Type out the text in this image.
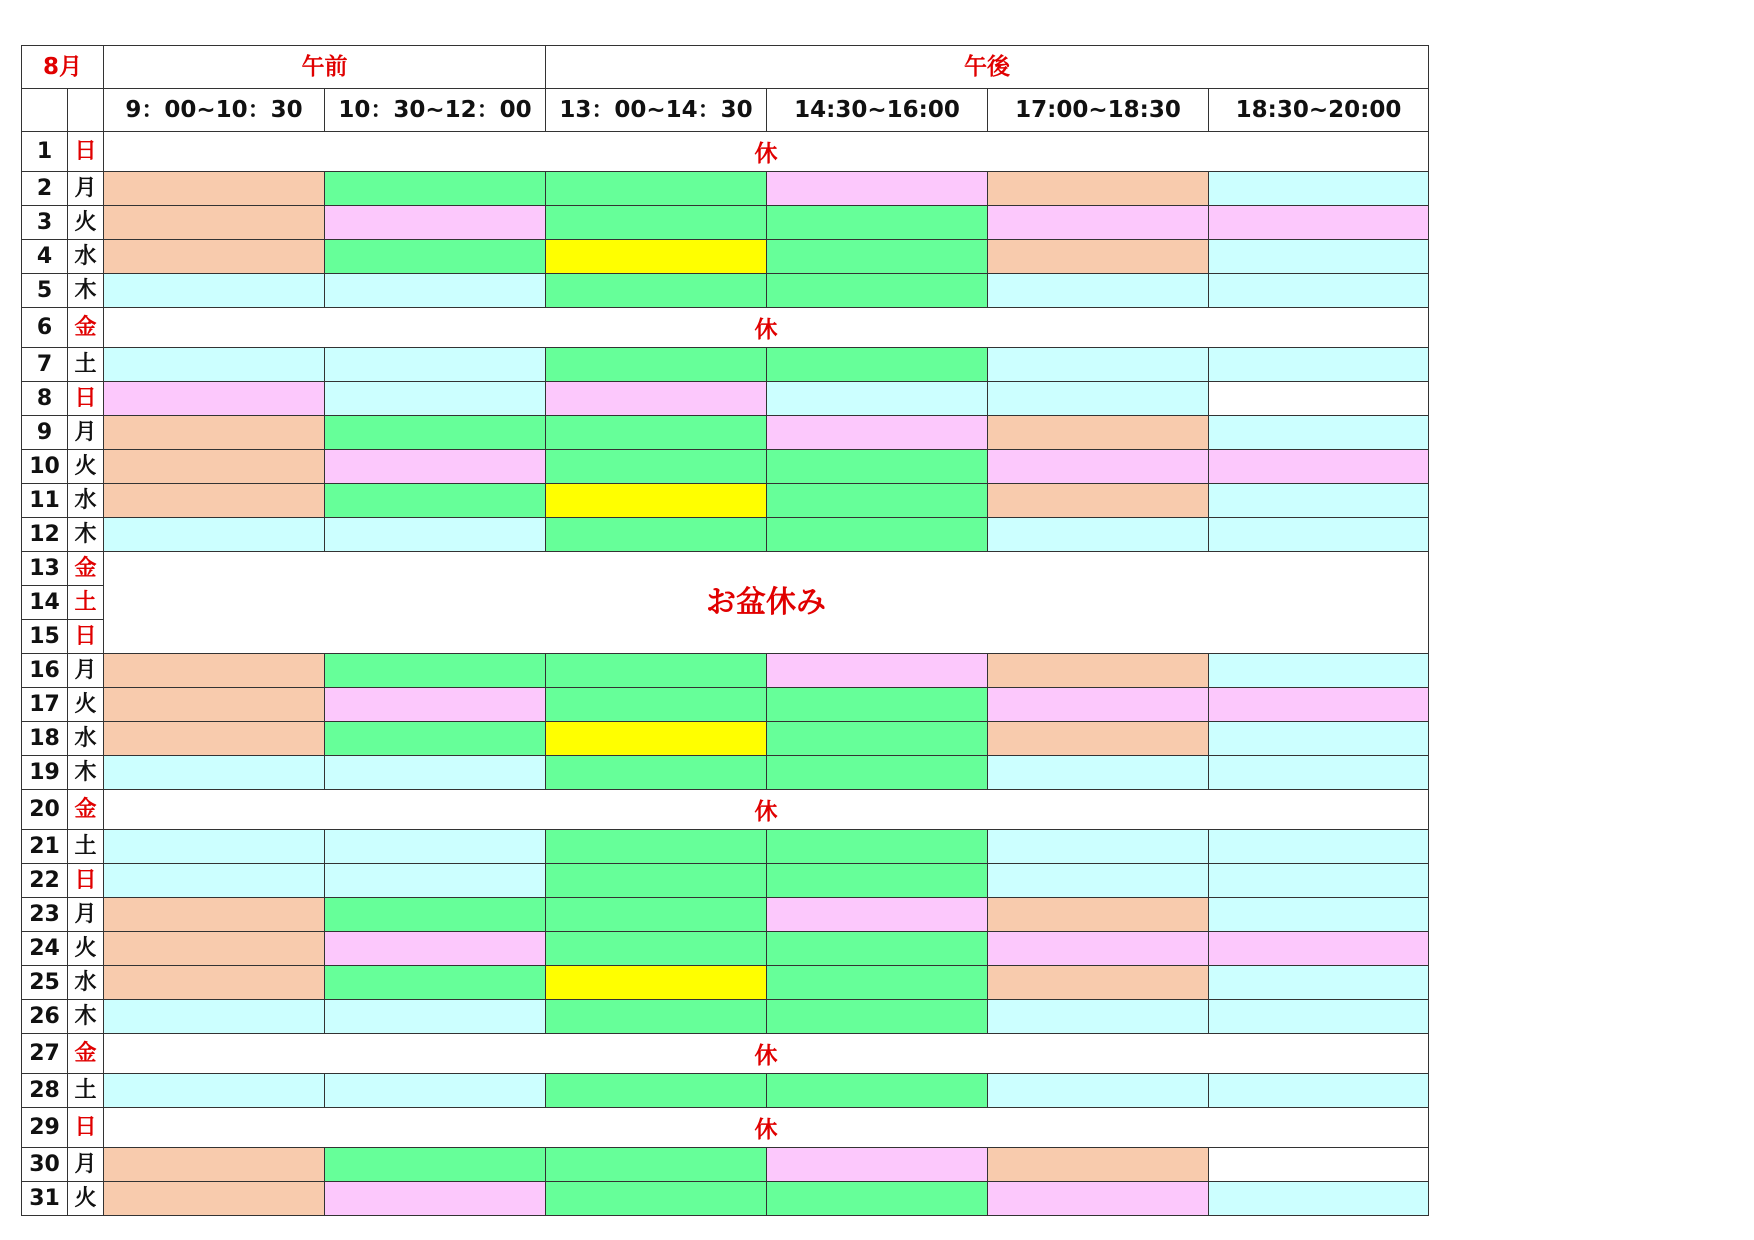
8月		午前		午後			
		9：00~10：30	10：30~12：00	13：00~14：30	14:30~16:00	17:00~18:30	18:30~20:00
1	日	休					
2	月						
3	火						
4	水						
5	木						
6	金	休					
7	土						
8	日						
9	月						
10	火						
11	水						
12	木						
13	金	お盆休み					
14	土						
15	日						
16	月						
17	火						
18	水						
19	木						
20	金	休					
21	土						
22	日						
23	月						
24	火						
25	水						
26	木						
27	金	休					
28	土						
29	日	休					
30	月						
31	火						
